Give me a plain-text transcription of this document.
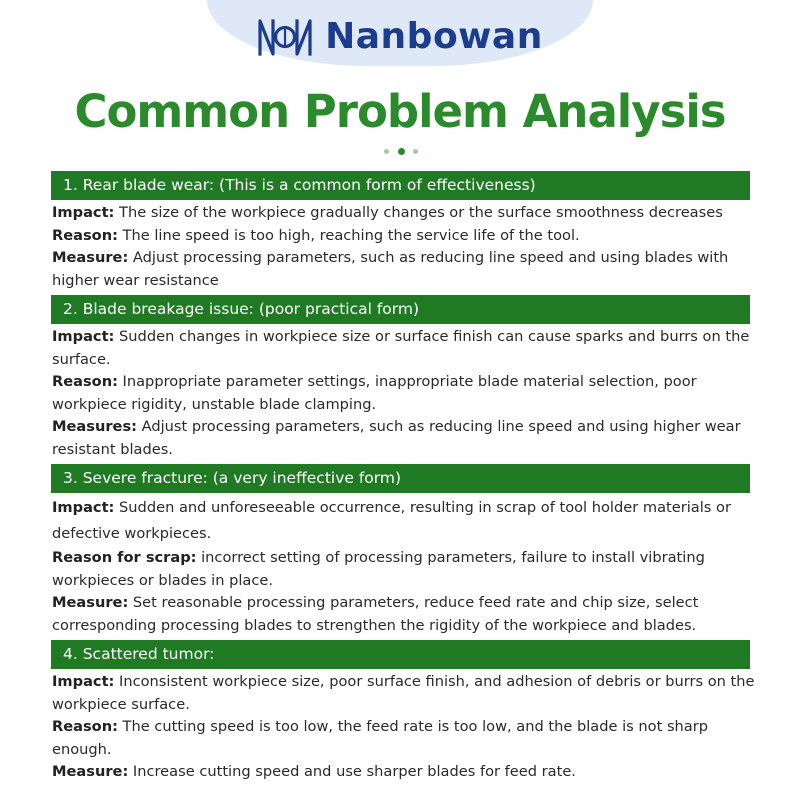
Nanbowan
Common Problem Analysis
1. Rear blade wear: (This is a common form of effectiveness)

Impact: The size of the workpiece gradually changes or the surface smoothness decreases

Reason: The line speed is too high, reaching the service life of the tool.

Measure: Adjust processing parameters, such as reducing line speed and using blades with higher wear resistance

2. Blade breakage issue: (poor practical form)

Impact: Sudden changes in workpiece size or surface finish can cause sparks and burrs on the surface.

Reason: Inappropriate parameter settings, inappropriate blade material selection, poor workpiece rigidity, unstable blade clamping.

Measures: Adjust processing parameters, such as reducing line speed and using higher wear resistant blades.

3. Severe fracture: (a very ineffective form)

Impact: Sudden and unforeseeable occurrence, resulting in scrap of tool holder materials or defective workpieces.

Reason for scrap: incorrect setting of processing parameters, failure to install vibrating workpieces or blades in place.

Measure: Set reasonable processing parameters, reduce feed rate and chip size, select corresponding processing blades to strengthen the rigidity of the workpiece and blades.

4. Scattered tumor:

Impact: Inconsistent workpiece size, poor surface finish, and adhesion of debris or burrs on the workpiece surface.

Reason: The cutting speed is too low, the feed rate is too low, and the blade is not sharp enough.

Measure: Increase cutting speed and use sharper blades for feed rate.
